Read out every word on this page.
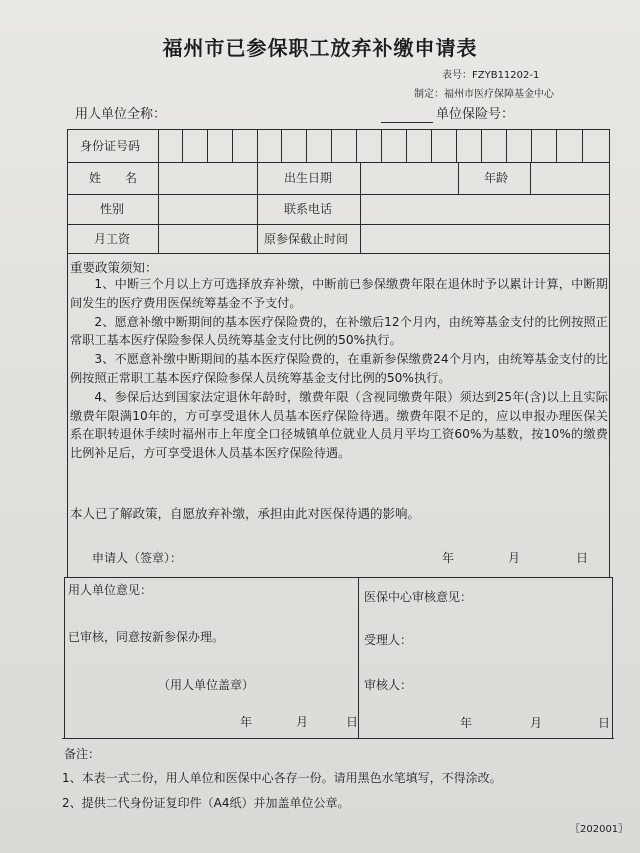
福州市已参保职工放弃补缴申请表
表号：FZYB11202-1
制定：福州市医疗保障基金中心
用人单位全称：	单位保险号：
身份证号码
姓　　名	出生日期	年龄
性别	联系电话
月工资	原参保截止时间
重要政策须知：

1、中断三个月以上方可选择放弃补缴，中断前已参保缴费年限在退休时予以累计计算，中断期间发生的医疗费用医保统筹基金不予支付。

2、愿意补缴中断期间的基本医疗保险费的，在补缴后12个月内，由统筹基金支付的比例按照正常职工基本医疗保险参保人员统筹基金支付比例的50%执行。

3、不愿意补缴中断期间的基本医疗保险费的，在重新参保缴费24个月内，由统筹基金支付的比例按照正常职工基本医疗保险参保人员统筹基金支付比例的50%执行。

4、参保后达到国家法定退休年龄时，缴费年限（含视同缴费年限）须达到25年(含)以上且实际缴费年限满10年的，方可享受退休人员基本医疗保险待遇。缴费年限不足的，应以申报办理医保关系在职转退休手续时福州市上年度全口径城镇单位就业人员月平均工资60%为基数，按10%的缴费比例补足后，方可享受退休人员基本医疗保险待遇。

本人已了解政策，自愿放弃补缴，承担由此对医保待遇的影响。
申请人（签章）：	年	月	日
用人单位意见：
已审核，同意按新参保办理。
（用人单位盖章）
年	月	日
医保中心审核意见：
受理人：
审核人：
年	月	日
备注：
1、本表一式二份，用人单位和医保中心各存一份。请用黑色水笔填写，不得涂改。
2、提供二代身份证复印件（A4纸）并加盖单位公章。
〖202001〗
